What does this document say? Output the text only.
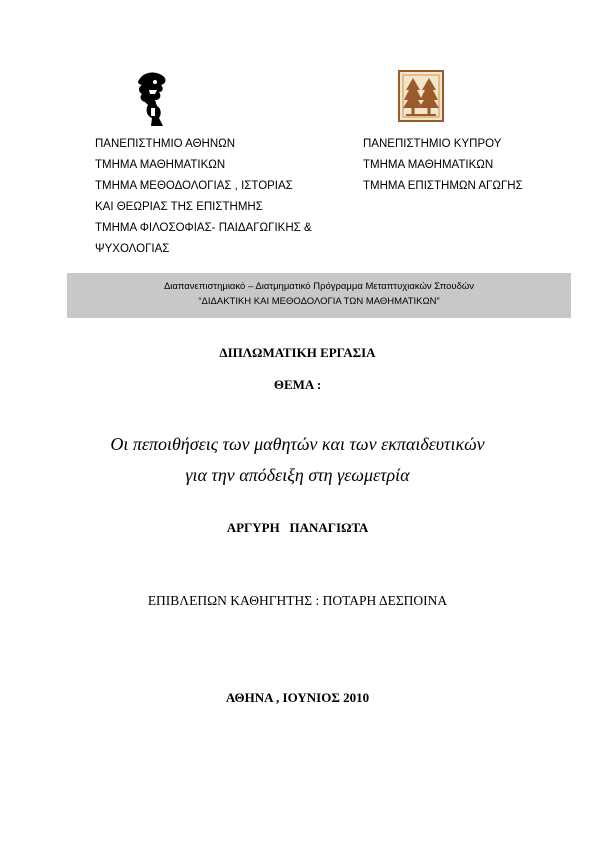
ΠΑΝΕΠΙΣΤΗΜΙΟ ΑΘΗΝΩΝ
ΤΜΗΜΑ ΜΑΘΗΜΑΤΙΚΩΝ
ΤΜΗΜΑ ΜΕΘΟΔΟΛΟΓΙΑΣ , ΙΣΤΟΡΙΑΣ
ΚΑΙ ΘΕΩΡΙΑΣ ΤΗΣ ΕΠΙΣΤΗΜΗΣ
ΤΜΗΜΑ ΦΙΛΟΣΟΦΙΑΣ- ΠΑΙΔΑΓΩΓΙΚΗΣ &
ΨΥΧΟΛΟΓΙΑΣ
ΠΑΝΕΠΙΣΤΗΜΙΟ ΚΥΠΡΟΥ
ΤΜΗΜΑ ΜΑΘΗΜΑΤΙΚΩΝ
ΤΜΗΜΑ ΕΠΙΣΤΗΜΩΝ ΑΓΩΓΗΣ
Διαπανεπιστημιακό – Διατμηματικό Πρόγραμμα Μεταπτυχιακών Σπουδών
“ΔΙΔΑΚΤΙΚΗ ΚΑΙ ΜΕΘΟΔΟΛΟΓΙΑ ΤΩΝ ΜΑΘΗΜΑΤΙΚΩΝ”
ΔΙΠΛΩΜΑΤΙΚΗ ΕΡΓΑΣΙΑ
ΘΕΜΑ :
Οι πεποιθήσεις των μαθητών και των εκπαιδευτικών
για την απόδειξη στη γεωμετρία
ΑΡΓΥΡΗ   ΠΑΝΑΓΙΩΤΑ
ΕΠΙΒΛΕΠΩΝ ΚΑΘΗΓΗΤΗΣ : ΠΟΤΑΡΗ ΔΕΣΠΟΙΝΑ
ΑΘΗΝΑ , ΙΟΥΝΙΟΣ 2010
